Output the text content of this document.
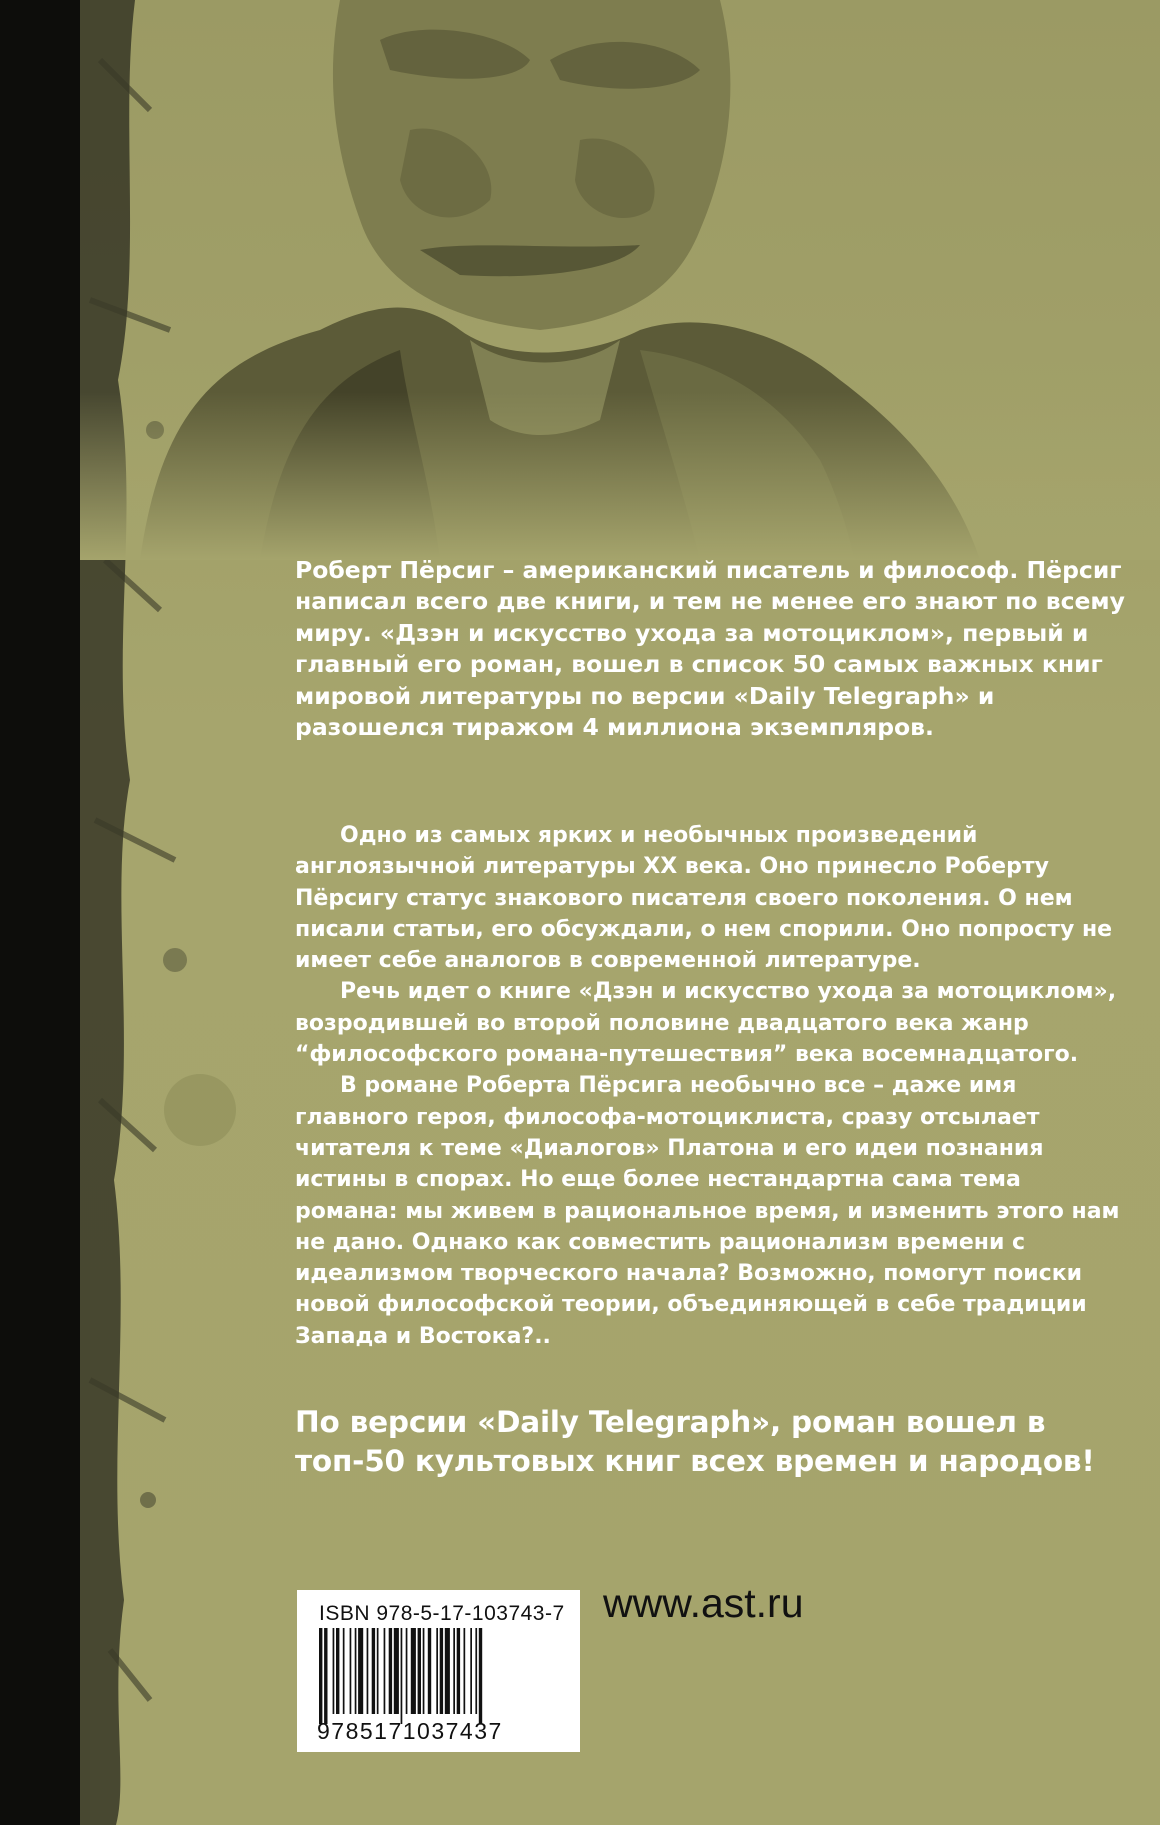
Роберт Пёрсиг – американский писатель и философ. Пёрсиг написал всего две книги, и тем не менее его знают по всему миру. «Дзэн и искусство ухода за мотоциклом», первый и главный его роман, вошел в список 50 самых важных книг мировой литературы по версии «Daily Telegraph» и разошелся тиражом 4 миллиона экземпляров.

Одно из самых ярких и необычных произведений англоязычной литературы XX века. Оно принесло Роберту Пёрсигу статус знакового писателя своего поколения. О нем писали статьи, его обсуждали, о нем спорили. Оно попросту не имеет себе аналогов в современной литературе.

Речь идет о книге «Дзэн и искусство ухода за мотоциклом», возродившей во второй половине двадцатого века жанр “философского романа-путешествия” века восемнадцатого.

В романе Роберта Пёрсига необычно все – даже имя главного героя, философа-мотоциклиста, сразу отсылает читателя к теме «Диалогов» Платона и его идеи познания истины в спорах. Но еще более нестандартна сама тема романа: мы живем в рациональное время, и изменить этого нам не дано. Однако как совместить рационализм времени с идеализмом творческого начала? Возможно, помогут поиски новой философской теории, объединяющей в себе традиции Запада и Востока?..

По версии «Daily Telegraph», роман вошел в топ-50 культовых книг всех времен и народов!

ISBN 978-5-17-103743-7
9785171037437
www.ast.ru
